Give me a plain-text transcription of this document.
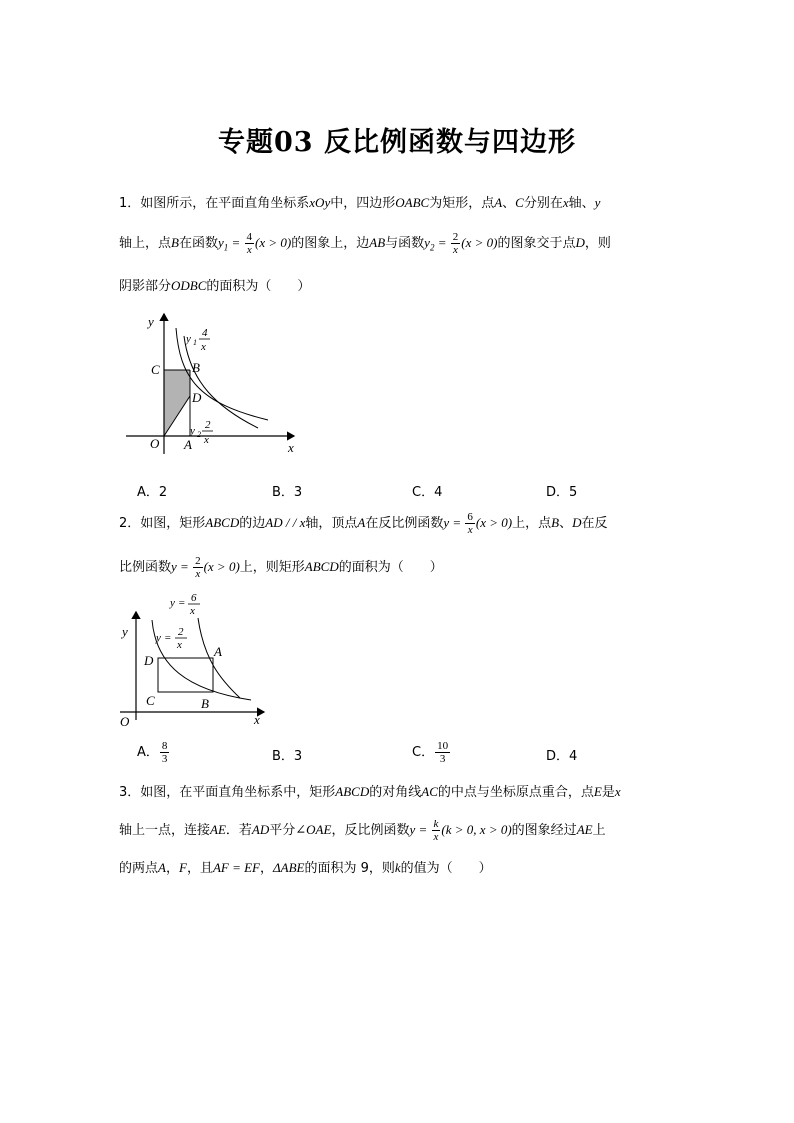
专题03 反比例函数与四边形
1．如图所示，在平面直角坐标系xOy中，四边形OABC为矩形，点A、C分别在x轴、y
轴上，点B在函数$y_1 = \frac{4}{x} (x > 0)$的图象上，边AB与函数$y_2 = \frac{2}{x} (x > 0)$的图象交于点D，则
阴影部分ODBC的面积为（　　）
y
x
O A
B
C
D
y 1
4
x
y 2
2
x
A．2	B．3	C．4	D．5
2．如图，矩形ABCD的边AD / / x轴，顶点A在反比例函数$y = \frac{6}{x} (x > 0)$上，点B、D在反
比例函数$y = \frac{2}{x} (x > 0)$上，则矩形ABCD的面积为（　　）
y
x
O
A
B
C
D
y = 6
x
y = 2
x
A． $\frac{8}{3}$	B．3	C． $\frac{10}{3}$	D．4
3．如图，在平面直角坐标系中，矩形ABCD的对角线AC的中点与坐标原点重合，点E是x
轴上一点，连接AE．若AD平分∠OAE，反比例函数$y = \frac{k}{x} (k > 0$, x > 0)的图象经过AE上
的两点A，F，且AF = EF，ΔABE的面积为 9，则k的值为（　　）
